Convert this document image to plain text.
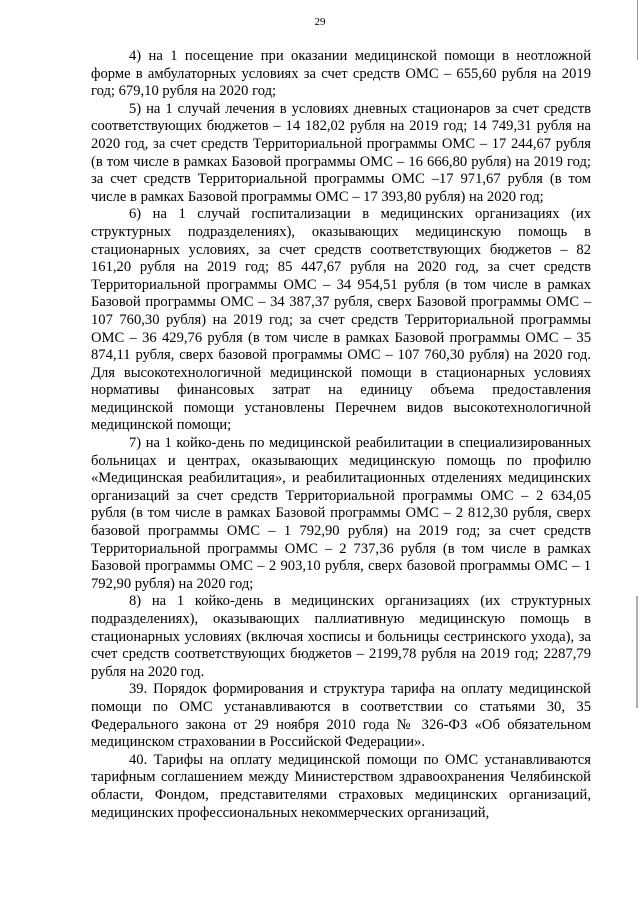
29

4) на 1 посещение при оказании медицинской помощи в неотложной форме в амбулаторных условиях за счет средств ОМС – 655,60 рубля на 2019 год; 679,10 рубля на 2020 год;

5) на 1 случай лечения в условиях дневных стационаров за счет средств соответствующих бюджетов – 14 182,02 рубля на 2019 год; 14 749,31 рубля на 2020 год, за счет средств Территориальной программы ОМС – 17 244,67 рубля (в том числе в рамках Базовой программы ОМС – 16 666,80 рубля) на 2019 год; за счет средств Территориальной программы ОМС –17 971,67 рубля (в том числе в рамках Базовой программы ОМС – 17 393,80 рубля) на 2020 год;

6) на 1 случай госпитализации в медицинских организациях (их структурных подразделениях), оказывающих медицинскую помощь в стационарных условиях, за счет средств соответствующих бюджетов – 82 161,20 рубля на 2019 год; 85 447,67 рубля на 2020 год, за счет средств Территориальной программы ОМС – 34 954,51 рубля (в том числе в рамках Базовой программы ОМС – 34 387,37 рубля, сверх Базовой программы ОМС –107 760,30 рубля) на 2019 год; за счет средств Территориальной программы ОМС – 36 429,76 рубля (в том числе в рамках Базовой программы ОМС – 35 874,11 рубля, сверх базовой программы ОМС – 107 760,30 рубля) на 2020 год. Для высокотехнологичной медицинской помощи в стационарных условиях нормативы финансовых затрат на единицу объема предоставления медицинской помощи установлены Перечнем видов высокотехнологичной медицинской помощи;

7) на 1 койко-день по медицинской реабилитации в специализированных больницах и центрах, оказывающих медицинскую помощь по профилю «Медицинская реабилитация», и реабилитационных отделениях медицинских организаций за счет средств Территориальной программы ОМС – 2 634,05 рубля (в том числе в рамках Базовой программы ОМС – 2 812,30 рубля, сверх базовой программы ОМС – 1 792,90 рубля) на 2019 год; за счет средств Территориальной программы ОМС – 2 737,36 рубля (в том числе в рамках Базовой программы ОМС – 2 903,10 рубля, сверх базовой программы ОМС – 1 792,90 рубля) на 2020 год;

8) на 1 койко-день в медицинских организациях (их структурных подразделениях), оказывающих паллиативную медицинскую помощь в стационарных условиях (включая хосписы и больницы сестринского ухода), за счет средств соответствующих бюджетов – 2199,78 рубля на 2019 год; 2287,79 рубля на 2020 год.

39. Порядок формирования и структура тарифа на оплату медицинской помощи по ОМС устанавливаются в соответствии со статьями 30, 35 Федерального закона от 29 ноября 2010 года № 326-ФЗ «Об обязательном медицинском страховании в Российской Федерации».

40. Тарифы на оплату медицинской помощи по ОМС устанавливаются тарифным соглашением между Министерством здравоохранения Челябинской области, Фондом, представителями страховых медицинских организаций, медицинских профессиональных некоммерческих организаций,
